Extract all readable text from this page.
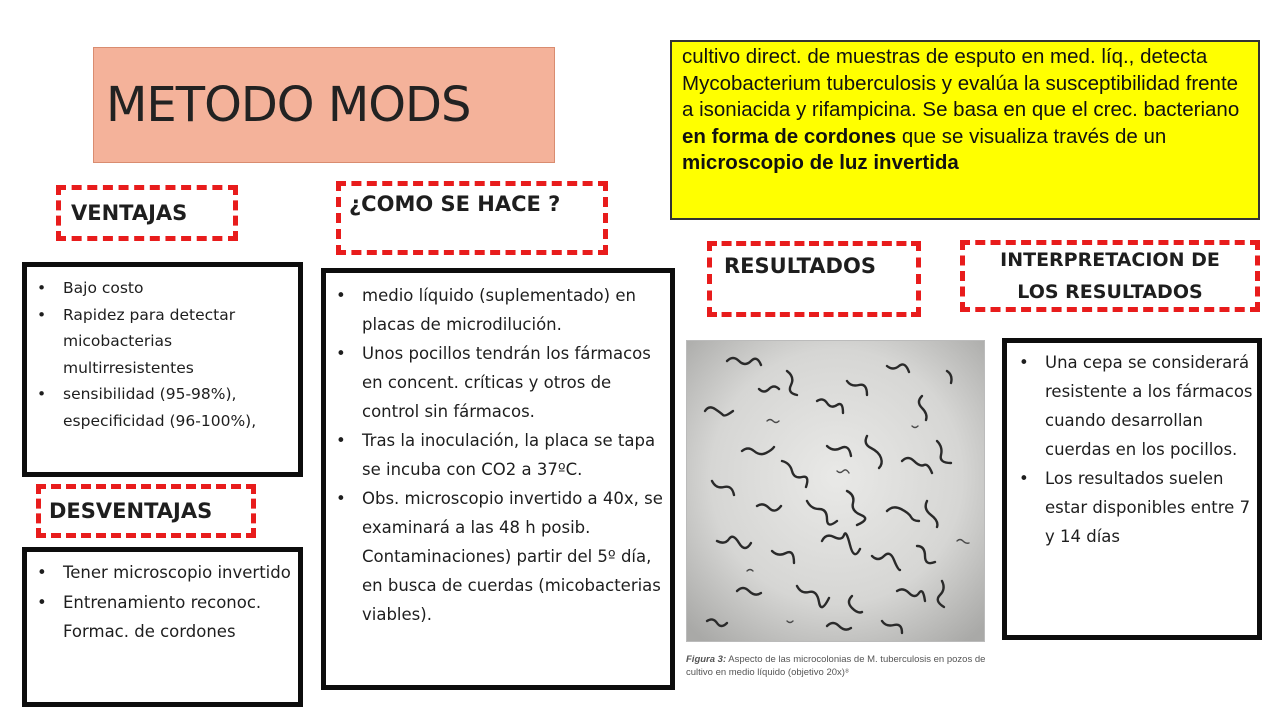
METODO MODS
cultivo direct. de muestras de esputo en med. líq., detecta Mycobacterium tuberculosis y evalúa la susceptibilidad frente a isoniacida y rifampicina. Se basa en que el crec. bacteriano en forma de cordones que se visualiza través de un microscopio de luz invertida
VENTAJAS	¿COMO SE HACE ?
RESULTADOS	INTERPRETACION DE
LOS RESULTADOS
DESVENTAJAS
• Bajo costo
• Rapidez para detectar micobacterias multirresistentes
• sensibilidad (95-98%), especificidad (96-100%),
• Tener microscopio invertido
• Entrenamiento reconoc. Formac. de cordones
• medio líquido (suplementado) en placas de microdilución.
• Unos pocillos tendrán los fármacos en concent. críticas y otros de control sin fármacos.
• Tras la inoculación, la placa se tapa se incuba con CO2 a 37ºC.
• Obs. microscopio invertido a 40x, se examinará a las 48 h posib. Contaminaciones) partir del 5º día, en busca de cuerdas (micobacterias viables).
Figura 3: Aspecto de las microcolonias de M. tuberculosis en pozos de cultivo en medio líquido (objetivo 20x)⁸
• Una cepa se considerará resistente a los fármacos cuando desarrollan cuerdas en los pocillos.
• Los resultados suelen estar disponibles entre 7 y 14 días
